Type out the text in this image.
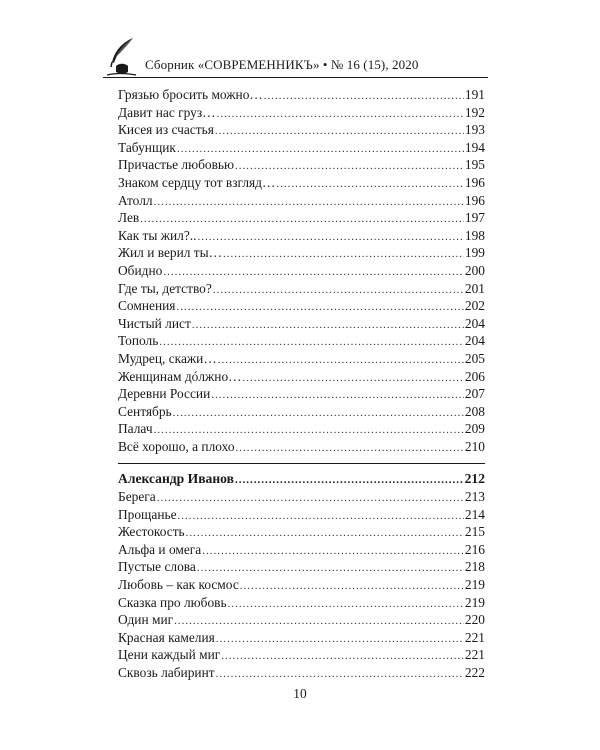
Сборник «СОВРЕМЕННИКЪ» • № 16 (15), 2020
Грязью бросить можно… .....	191
Давит нас груз… .....	192
Кисея из счастья .....	193
Табунщик .....	194
Причастье любовью .....	195
Знаком сердцу тот взгляд… .....	196
Атолл .....	196
Лев .....	197
Как ты жил?.. .....	198
Жил и верил ты… .....	199
Обидно .....	200
Где ты, детство? .....	201
Сомнения .....	202
Чистый лист .....	204
Тополь .....	204
Мудрец, скажи… .....	205
Женщинам дóлжно… .....	206
Деревни России .....	207
Сентябрь .....	208
Палач .....	209
Всё хорошо, а плохо .....	210
Александр Иванов .....	212
Берега .....	213
Прощанье .....	214
Жестокость .....	215
Альфа и омега .....	216
Пустые слова .....	218
Любовь – как космос .....	219
Сказка про любовь .....	219
Один миг .....	220
Красная камелия .....	221
Цени каждый миг .....	221
Сквозь лабиринт .....	222
10
